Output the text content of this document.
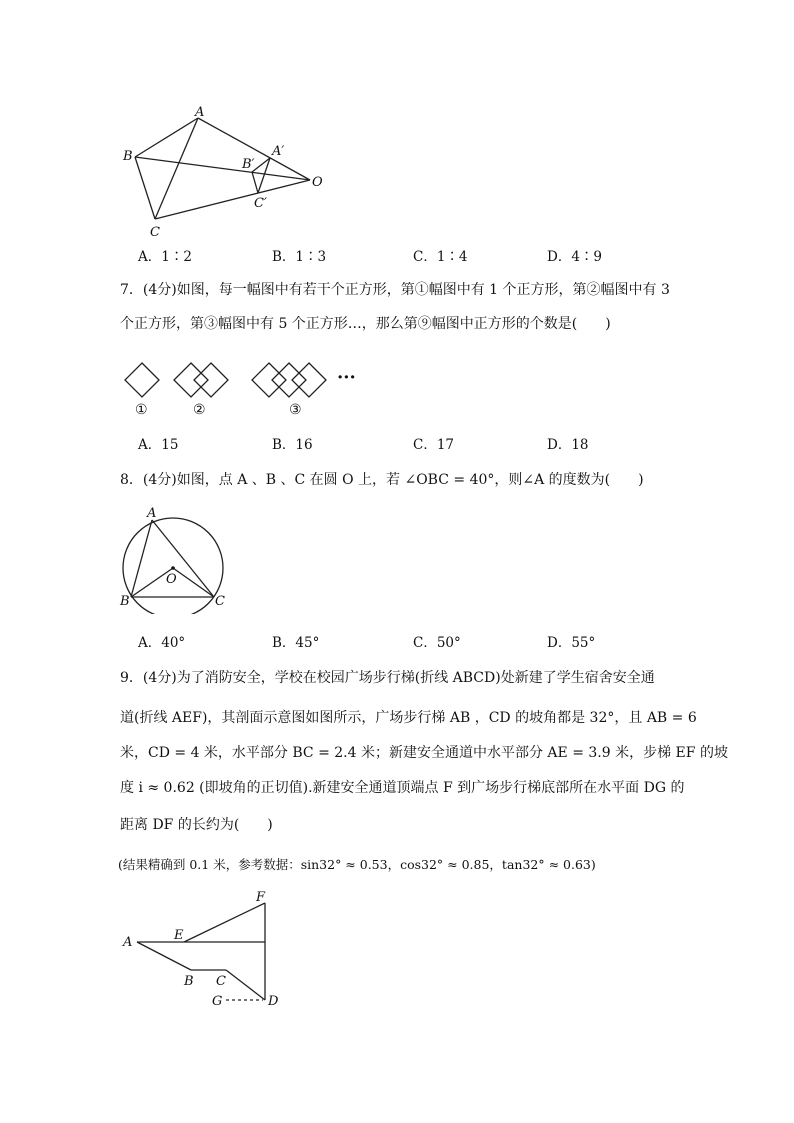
A
B
C
A′
B′
C′
O
A．1∶2	B．1∶3	C．1∶4	D．4∶9
7．(4分)如图，每一幅图中有若干个正方形，第①幅图中有 1 个正方形，第②幅图中有 3
个正方形，第③幅图中有 5 个正方形…，那么第⑨幅图中正方形的个数是(　　)
①	②	③
···
A．15	B．16	C．17	D．18
8．(4分)如图，点 A 、B 、C 在圆 O 上，若 ∠OBC = 40°，则∠A 的度数为(　　)
A
O
B	C
A．40°	B．45°	C．50°	D．55°
9．(4分)为了消防安全，学校在校园广场步行梯(折线 ABCD)处新建了学生宿舍安全通
道(折线 AEF)，其剖面示意图如图所示，广场步行梯 AB ，CD 的坡角都是 32°，且 AB = 6
米，CD = 4 米，水平部分 BC = 2.4 米；新建安全通道中水平部分 AE = 3.9 米，步梯 EF 的坡
度 i ≈ 0.62 (即坡角的正切值).新建安全通道顶端点 F 到广场步行梯底部所在水平面 DG 的
距离 DF 的长约为(　　)
(结果精确到 0.1 米，参考数据：sin32° ≈ 0.53，cos32° ≈ 0.85，tan32° ≈ 0.63)
F
E
A
B C
G	D
